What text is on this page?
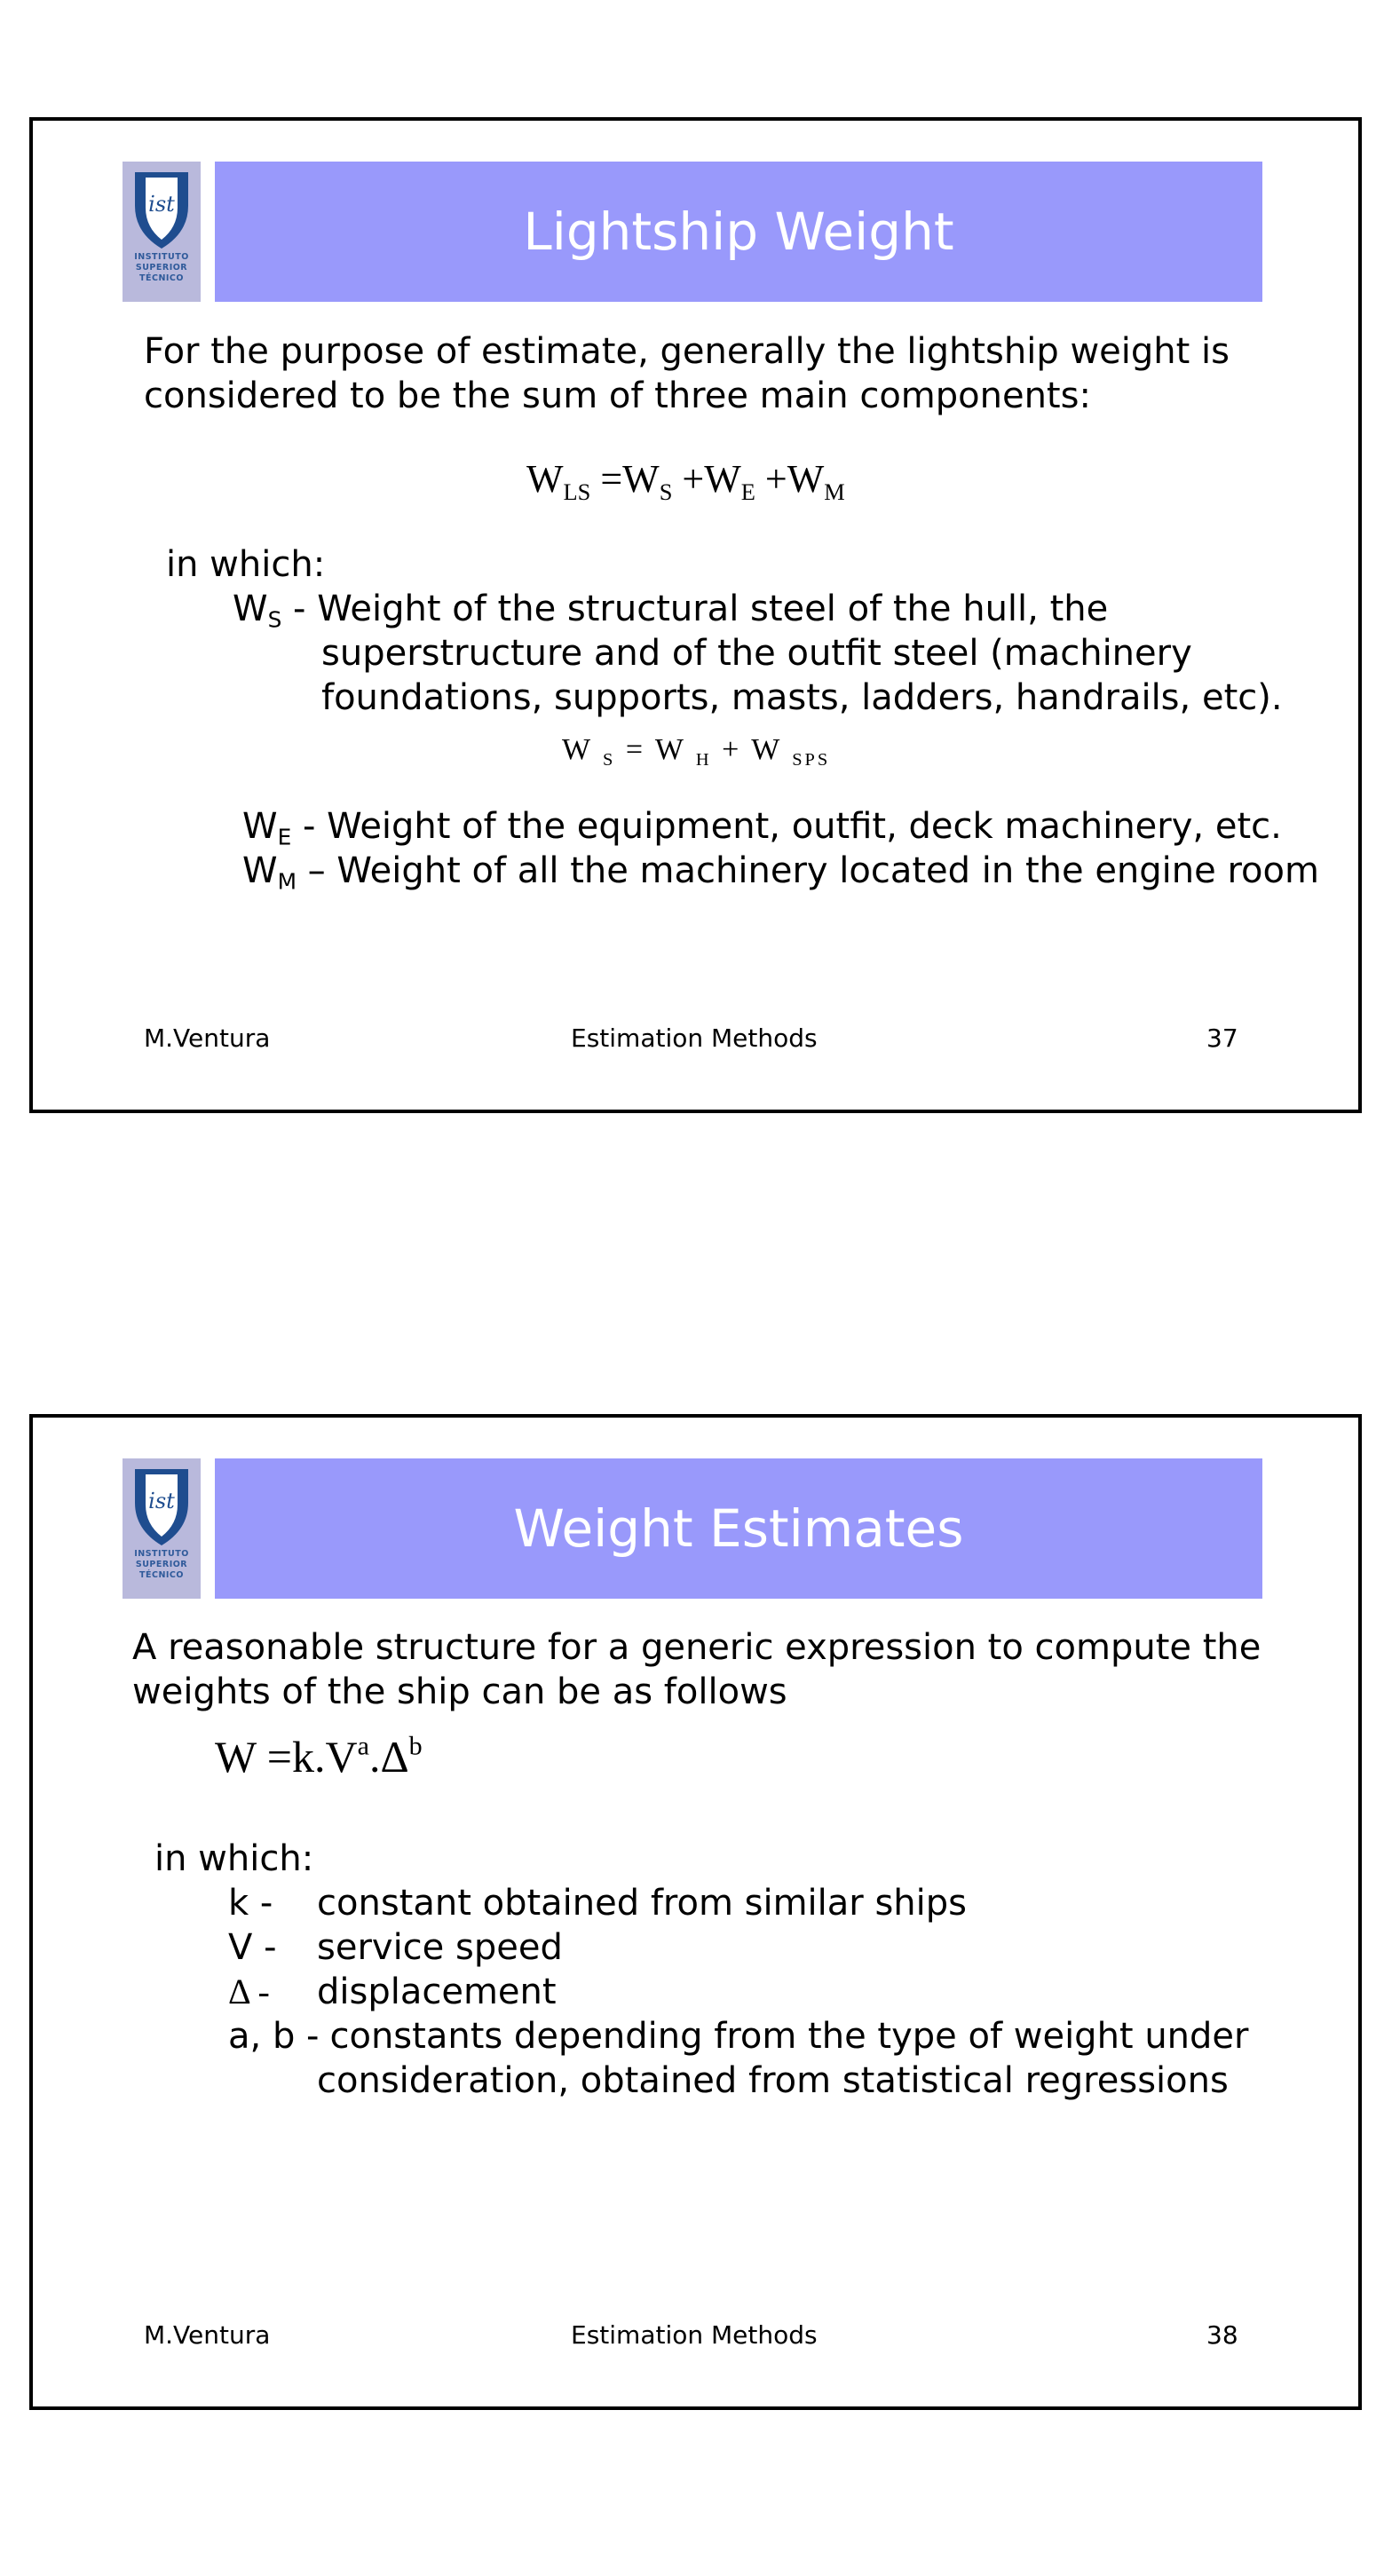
ist
INSTITUTO
SUPERIOR
TÉCNICO
Lightship Weight
For the purpose of estimate, generally the lightship weight is
considered to be the sum of three main components:
$W_{LS} =W_S +W_E +W_M$
in which:
$W_S$ - Weight of the structural steel of the hull, the
superstructure and of the outfit steel (machinery
foundations, supports, masts, ladders, handrails, etc).
W $_S$ = W $_H$ + W $_{SPS}$
$W_E$ - Weight of the equipment, outfit, deck machinery, etc.
$W_M$ – Weight of all the machinery located in the engine room
M.Ventura	Estimation Methods	37
ist
INSTITUTO
SUPERIOR
TÉCNICO
Weight Estimates
A reasonable structure for a generic expression to compute the
weights of the ship can be as follows
$W =k.V^a.\Delta^b$
in which:
k - constant obtained from similar ships
V - service speed
Δ - displacement
a, b - constants depending from the type of weight under
consideration, obtained from statistical regressions
M.Ventura	Estimation Methods	38
